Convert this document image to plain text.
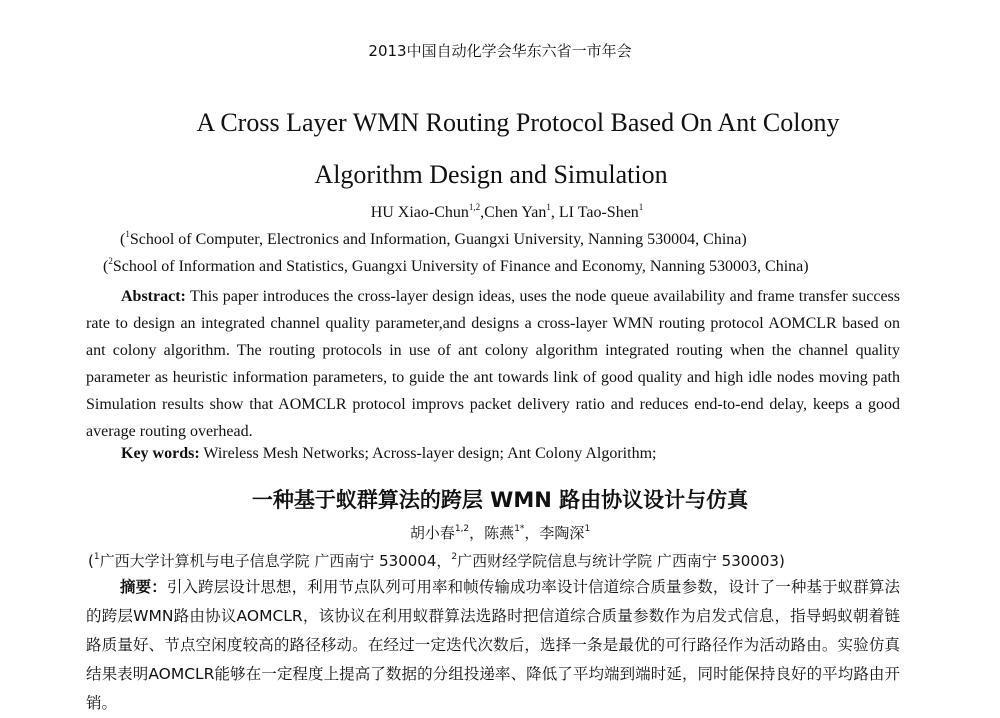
2013中国自动化学会华东六省一市年会
A Cross Layer WMN Routing Protocol Based On Ant Colony
Algorithm Design and Simulation
HU Xiao-Chun$^{1,2}$,Chen Yan$^1$, LI Tao-Shen$^1$
($^1$School of Computer, Electronics and Information, Guangxi University, Nanning 530004, China)
($^2$School of Information and Statistics, Guangxi University of Finance and Economy, Nanning 530003, China)

Abstract: This paper introduces the cross-layer design ideas, uses the node queue availability and frame transfer success rate to design an integrated channel quality parameter,and designs a cross-layer WMN routing protocol AOMCLR based on ant colony algorithm. The routing protocols in use of ant colony algorithm integrated routing when the channel quality parameter as heuristic information parameters, to guide the ant towards link of good quality and high idle nodes moving path Simulation results show that AOMCLR protocol improvs packet delivery ratio and reduces end-to-end delay, keeps a good average routing overhead.

Key words: Wireless Mesh Networks; Across-layer design; Ant Colony Algorithm;
一种基于蚁群算法的跨层 WMN 路由协议设计与仿真
胡小春$^{1,2}$，陈燕$^{1*}$，李陶深$^1$
($^1$广西大学计算机与电子信息学院 广西南宁 530004，$^2$广西财经学院信息与统计学院 广西南宁 530003)

摘要：引入跨层设计思想，利用节点队列可用率和帧传输成功率设计信道综合质量参数，设计了一种基于蚁群算法的跨层WMN路由协议AOMCLR，该协议在利用蚁群算法选路时把信道综合质量参数作为启发式信息，指导蚂蚁朝着链路质量好、节点空闲度较高的路径移动。在经过一定迭代次数后，选择一条是最优的可行路径作为活动路由。实验仿真结果表明AOMCLR能够在一定程度上提高了数据的分组投递率、降低了平均端到端时延，同时能保持良好的平均路由开销。
